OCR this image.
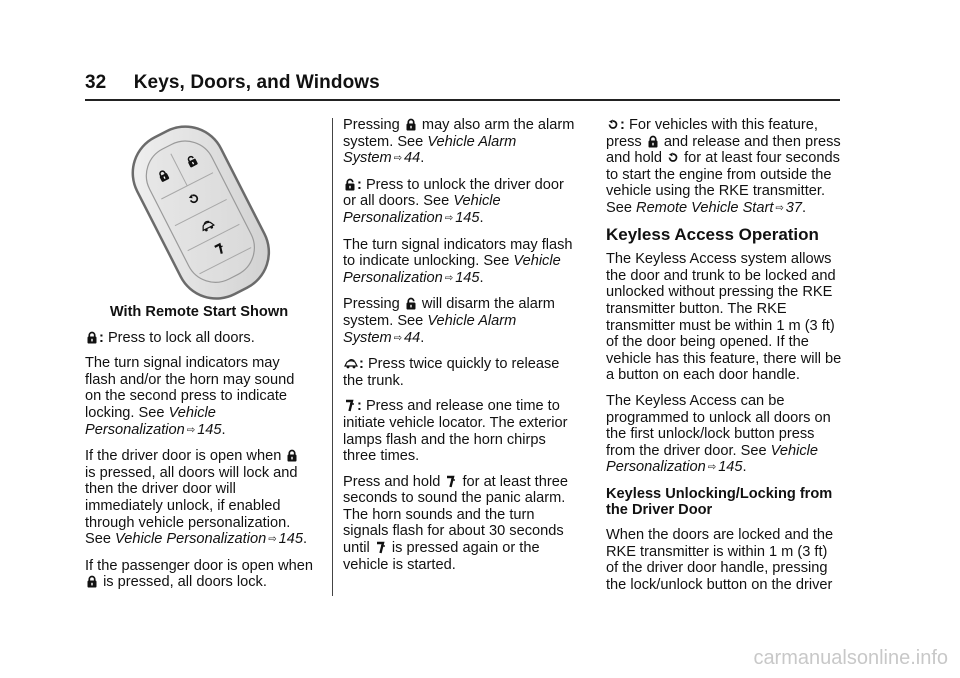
32 Keys, Doors, and Windows

With Remote Start Shown

: Press to lock all doors.

The turn signal indicators may flash and/or the horn may sound on the second press to indicate locking. See Vehicle Personalization ⇨ 145.

If the driver door is open when  is pressed, all doors will lock and then the driver door will immediately unlock, if enabled through vehicle personalization. See Vehicle Personalization ⇨ 145.

If the passenger door is open when  is pressed, all doors lock.

Pressing may also arm the alarm system. See Vehicle Alarm System ⇨ 44.

: Press to unlock the driver door or all doors. See Vehicle Personalization ⇨ 145.

The turn signal indicators may flash to indicate unlocking. See Vehicle Personalization ⇨ 145.

Pressing will disarm the alarm system. See Vehicle Alarm System ⇨ 44.

: Press twice quickly to release the trunk.

: Press and release one time to initiate vehicle locator. The exterior lamps flash and the horn chirps three times.

Press and hold for at least three seconds to sound the panic alarm. The horn sounds and the turn signals flash for about 30 seconds until is pressed again or the vehicle is started.

: For vehicles with this feature, press and release and then press and hold for at least four seconds to start the engine from outside the vehicle using the RKE transmitter. See Remote Vehicle Start ⇨ 37.

Keyless Access Operation

The Keyless Access system allows the door and trunk to be locked and unlocked without pressing the RKE transmitter button. The RKE transmitter must be within 1 m (3 ft) of the door being opened. If the vehicle has this feature, there will be a button on each door handle.

The Keyless Access can be programmed to unlock all doors on the first unlock/lock button press from the driver door. See Vehicle Personalization ⇨ 145.

Keyless Unlocking/Locking from the Driver Door

When the doors are locked and the RKE transmitter is within 1 m (3 ft) of the driver door handle, pressing the lock/unlock button on the driver

carmanualsonline.info
